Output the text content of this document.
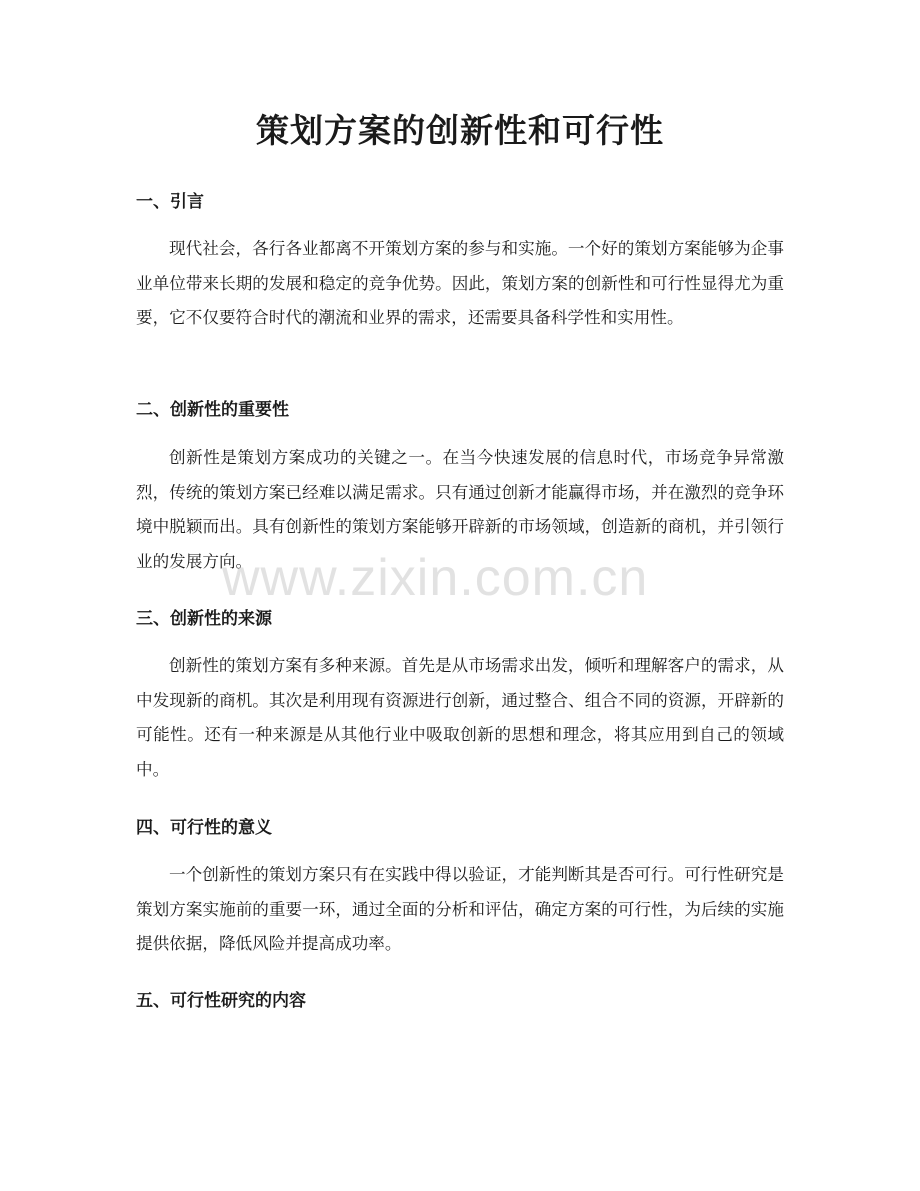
策划方案的创新性和可行性
一、引言

现代社会，各行各业都离不开策划方案的参与和实施。一个好的策划方案能够为企事业单位带来长期的发展和稳定的竞争优势。因此，策划方案的创新性和可行性显得尤为重要，它不仅要符合时代的潮流和业界的需求，还需要具备科学性和实用性。

二、创新性的重要性

创新性是策划方案成功的关键之一。在当今快速发展的信息时代，市场竞争异常激烈，传统的策划方案已经难以满足需求。只有通过创新才能赢得市场，并在激烈的竞争环境中脱颖而出。具有创新性的策划方案能够开辟新的市场领域，创造新的商机，并引领行业的发展方向。

三、创新性的来源

创新性的策划方案有多种来源。首先是从市场需求出发，倾听和理解客户的需求，从中发现新的商机。其次是利用现有资源进行创新，通过整合、组合不同的资源，开辟新的可能性。还有一种来源是从其他行业中吸取创新的思想和理念，将其应用到自己的领域中。

四、可行性的意义

一个创新性的策划方案只有在实践中得以验证，才能判断其是否可行。可行性研究是策划方案实施前的重要一环，通过全面的分析和评估，确定方案的可行性，为后续的实施提供依据，降低风险并提高成功率。

五、可行性研究的内容
www.zixin.com.cn
